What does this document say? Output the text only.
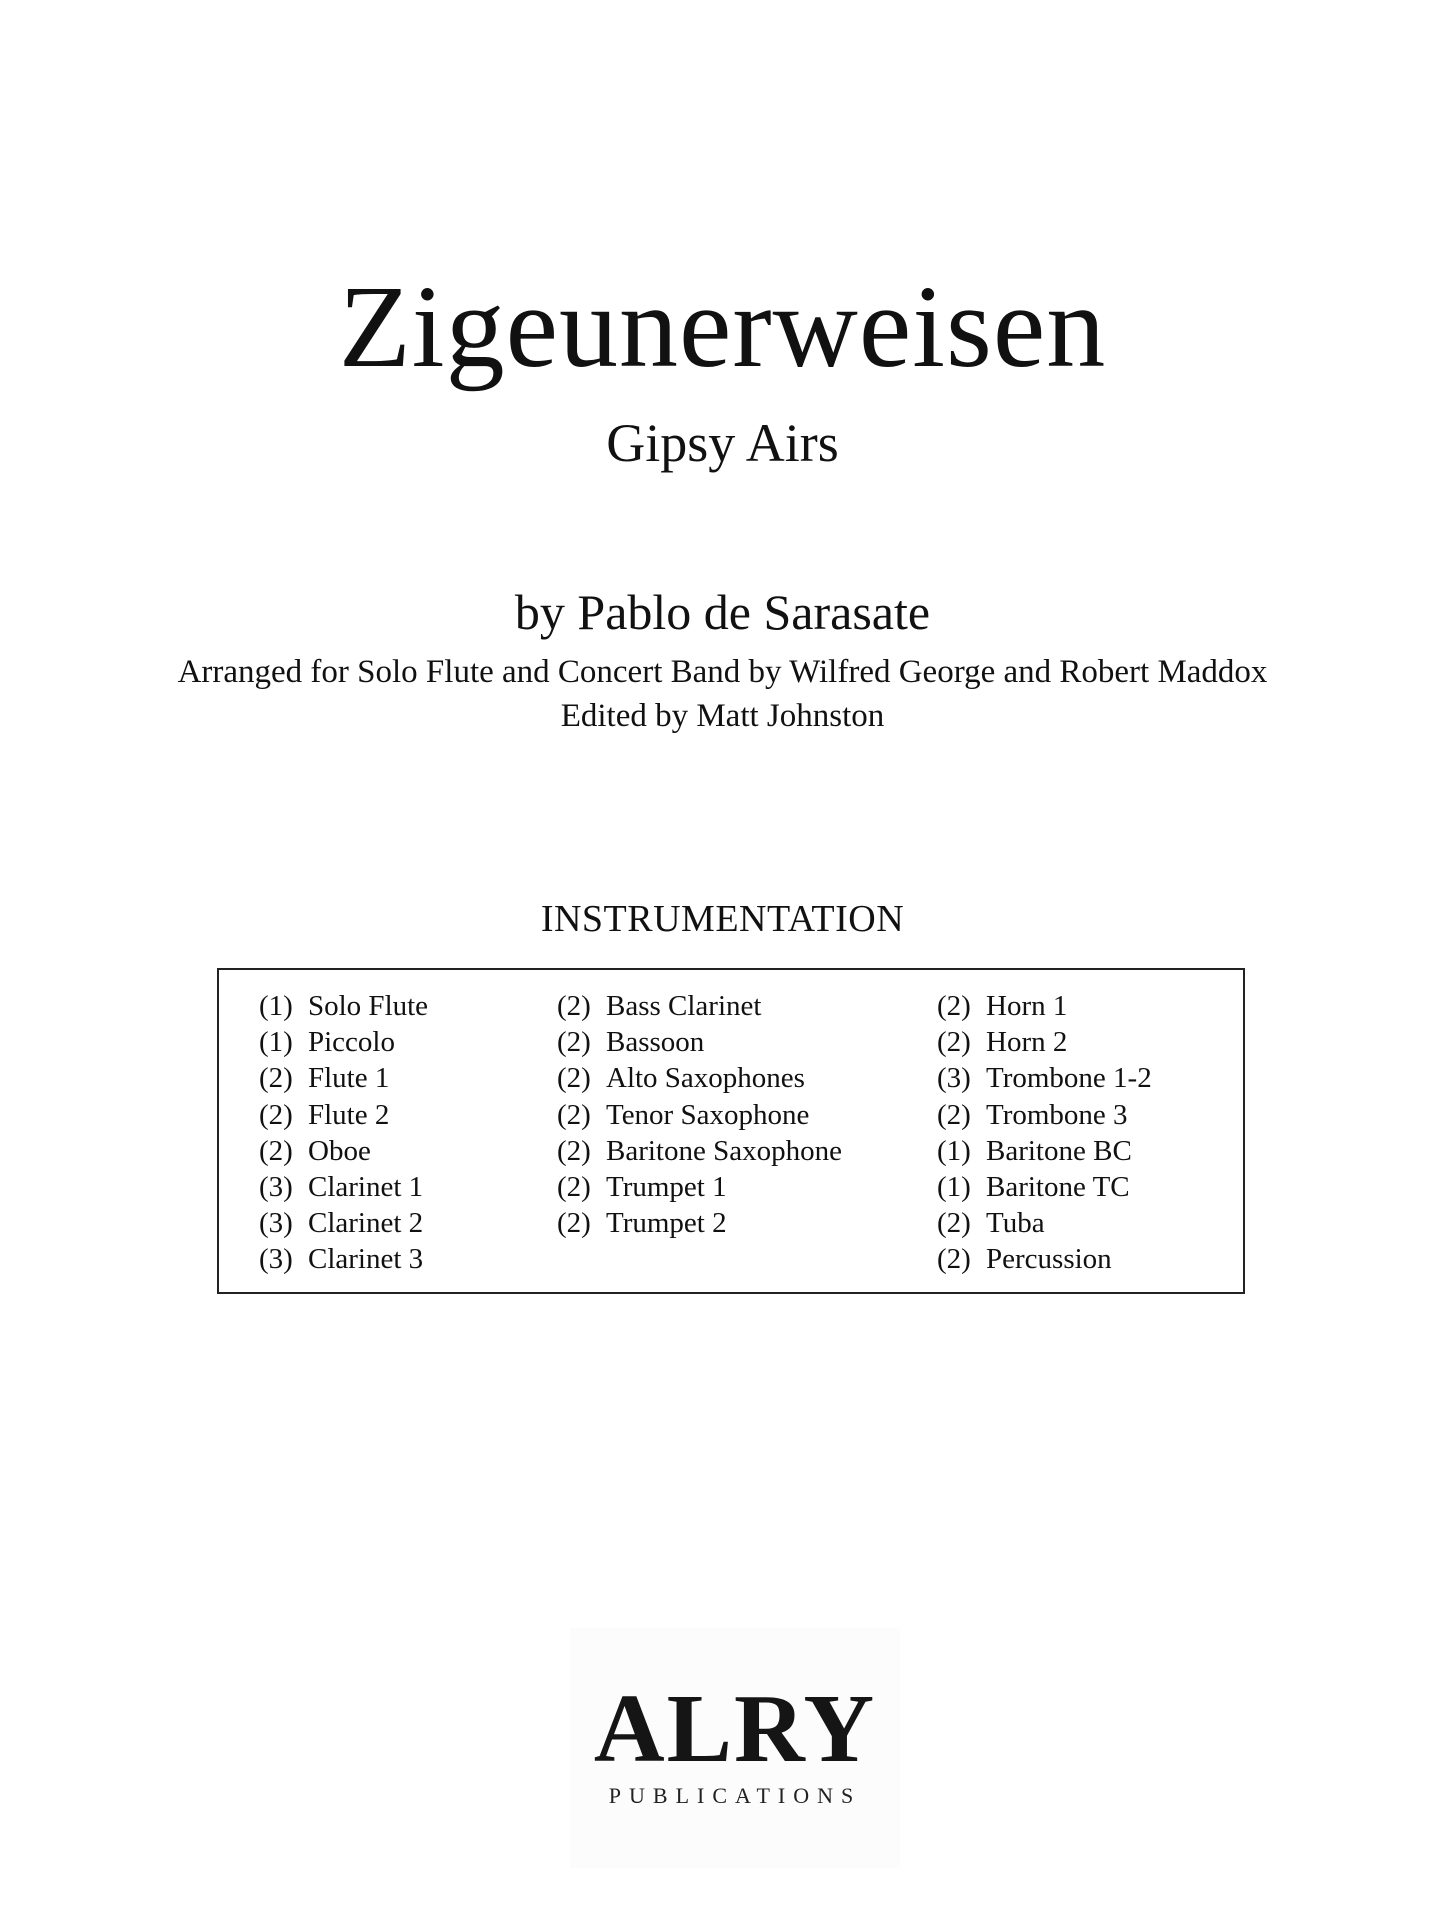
Zigeunerweisen
Gipsy Airs
by Pablo de Sarasate
Arranged for Solo Flute and Concert Band by Wilfred George and Robert Maddox
Edited by Matt Johnston
INSTRUMENTATION
(1) Solo Flute
(1) Piccolo
(2) Flute 1
(2) Flute 2
(2) Oboe
(3) Clarinet 1
(3) Clarinet 2
(3) Clarinet 3
(2) Bass Clarinet
(2) Bassoon
(2) Alto Saxophones
(2) Tenor Saxophone
(2) Baritone Saxophone
(2) Trumpet 1
(2) Trumpet 2
(2) Horn 1
(2) Horn 2
(3) Trombone 1-2
(2) Trombone 3
(1) Baritone BC
(1) Baritone TC
(2) Tuba
(2) Percussion
ALRY
PUBLICATIONS
